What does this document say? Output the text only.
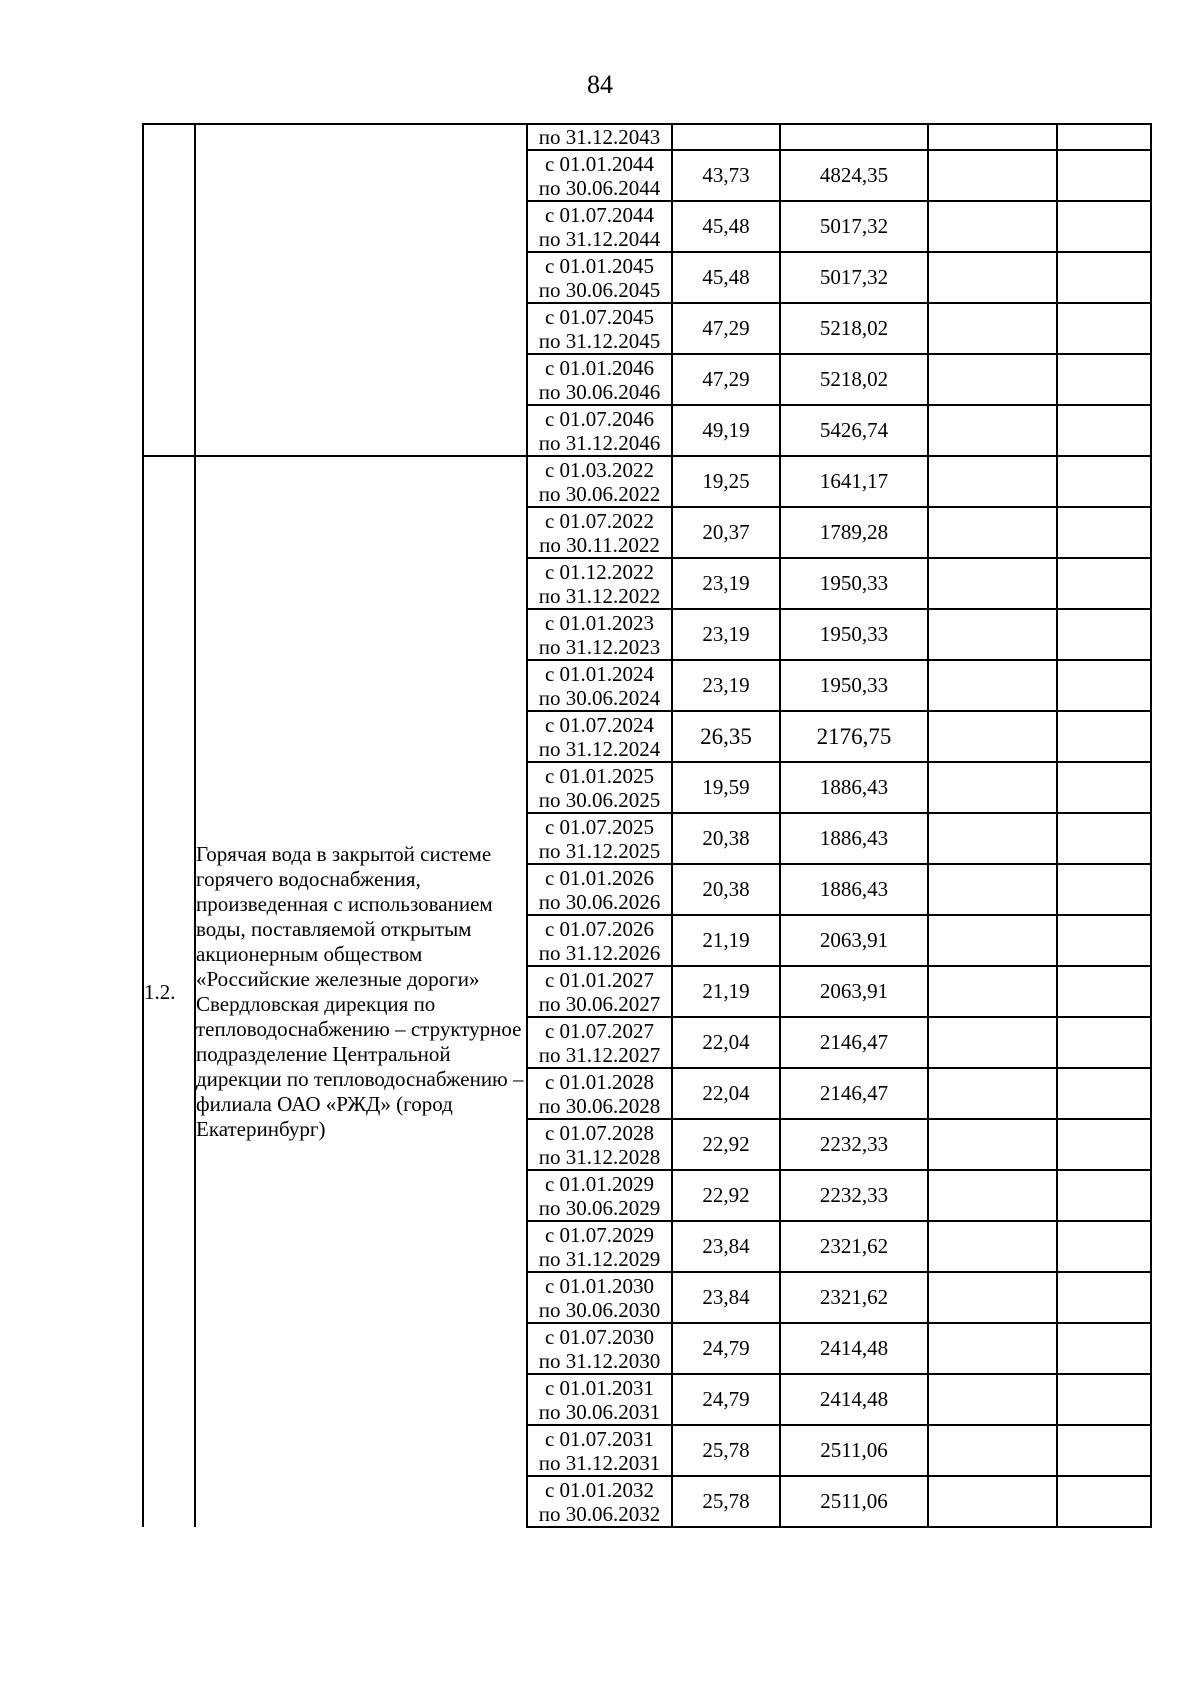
84

		по 31.12.2043				

		с 01.01.2044
по 30.06.2044	43,73	4824,35		

		с 01.07.2044
по 31.12.2044	45,48	5017,32		

		с 01.01.2045
по 30.06.2045	45,48	5017,32		

		с 01.07.2045
по 31.12.2045	47,29	5218,02		

		с 01.01.2046
по 30.06.2046	47,29	5218,02		

		с 01.07.2046
по 31.12.2046	49,19	5426,74		
1.2.	Горячая вода в закрытой системе горячего водоснабжения, произведенная с использованием воды, поставляемой открытым акционерным обществом «Российские железные дороги» Свердловская дирекция по тепловодоснабжению – структурное подразделение Центральной дирекции по тепловодоснабжению – филиала ОАО «РЖД» (город Екатеринбург)	с 01.03.2022
по 30.06.2022	19,25	1641,17		

		с 01.07.2022
по 30.11.2022	20,37	1789,28		

		с 01.12.2022
по 31.12.2022	23,19	1950,33		

		с 01.01.2023
по 31.12.2023	23,19	1950,33		

		с 01.01.2024
по 30.06.2024	23,19	1950,33		

		с 01.07.2024
по 31.12.2024	26,35	2176,75		

		с 01.01.2025
по 30.06.2025	19,59	1886,43		

		с 01.07.2025
по 31.12.2025	20,38	1886,43		

		с 01.01.2026
по 30.06.2026	20,38	1886,43		

		с 01.07.2026
по 31.12.2026	21,19	2063,91		

		с 01.01.2027
по 30.06.2027	21,19	2063,91		

		с 01.07.2027
по 31.12.2027	22,04	2146,47		

		с 01.01.2028
по 30.06.2028	22,04	2146,47		

		с 01.07.2028
по 31.12.2028	22,92	2232,33		

		с 01.01.2029
по 30.06.2029	22,92	2232,33		

		с 01.07.2029
по 31.12.2029	23,84	2321,62		

		с 01.01.2030
по 30.06.2030	23,84	2321,62		

		с 01.07.2030
по 31.12.2030	24,79	2414,48		

		с 01.01.2031
по 30.06.2031	24,79	2414,48		

		с 01.07.2031
по 31.12.2031	25,78	2511,06		

		с 01.01.2032
по 30.06.2032	25,78	2511,06		
